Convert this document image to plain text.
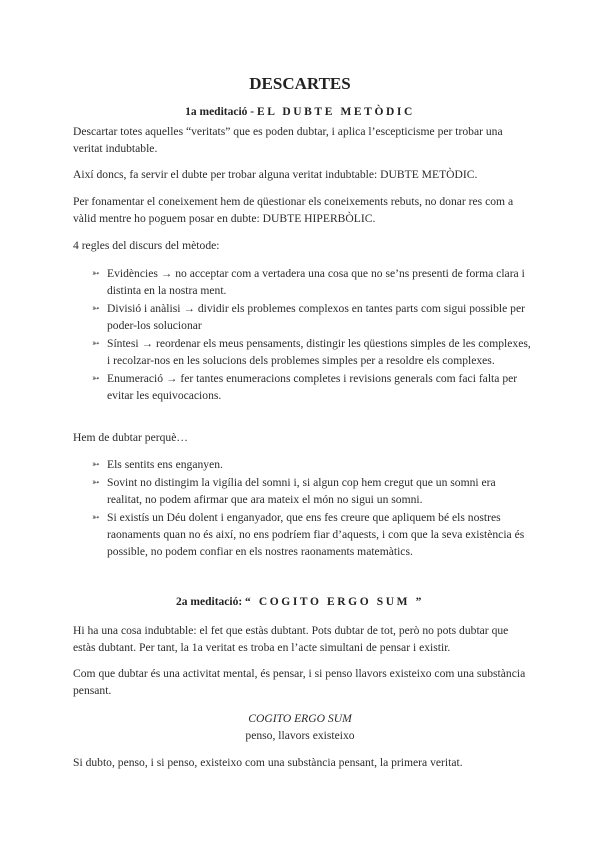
DESCARTES
1a meditació - EL DUBTE METÒDIC

Descartar totes aquelles “veritats” que es poden dubtar, i aplica l’escepticisme per trobar una veritat indubtable.

Així doncs, fa servir el dubte per trobar alguna veritat indubtable: DUBTE METÒDIC.

Per fonamentar el coneixement hem de qüestionar els coneixements rebuts, no donar res com a vàlid mentre ho poguem posar en dubte: DUBTE HIPERBÒLIC.

4 regles del discurs del mètode:

➳ Evidències → no acceptar com a vertadera una cosa que no se’ns presenti de forma clara i distinta en la nostra ment.
➳ Divisió i anàlisi → dividir els problemes complexos en tantes parts com sigui possible per poder-los solucionar
➳ Síntesi → reordenar els meus pensaments, distingir les qüestions simples de les complexes, i recolzar-nos en les solucions dels problemes simples per a resoldre els complexes.
➳ Enumeració → fer tantes enumeracions completes i revisions generals com faci falta per evitar les equivocacions.

Hem de dubtar perquè…

➳ Els sentits ens enganyen.
➳ Sovint no distingim la vigília del somni i, si algun cop hem cregut que un somni era realitat, no podem afirmar que ara mateix el món no sigui un somni.
➳ Si existís un Déu dolent i enganyador, que ens fes creure que apliquem bé els nostres raonaments quan no és així, no ens podríem fiar d’aquests, i com que la seva existència és possible, no podem confiar en els nostres raonaments matemàtics.
2a meditació: “ COGITO ERGO SUM ”

Hi ha una cosa indubtable: el fet que estàs dubtant. Pots dubtar de tot, però no pots dubtar que estàs dubtant. Per tant, la 1a veritat es troba en l’acte simultani de pensar i existir.

Com que dubtar és una activitat mental, és pensar, i si penso llavors existeixo com una substància pensant.

COGITO ERGO SUM
penso, llavors existeixo

Si dubto, penso, i si penso, existeixo com una substància pensant, la primera veritat.
